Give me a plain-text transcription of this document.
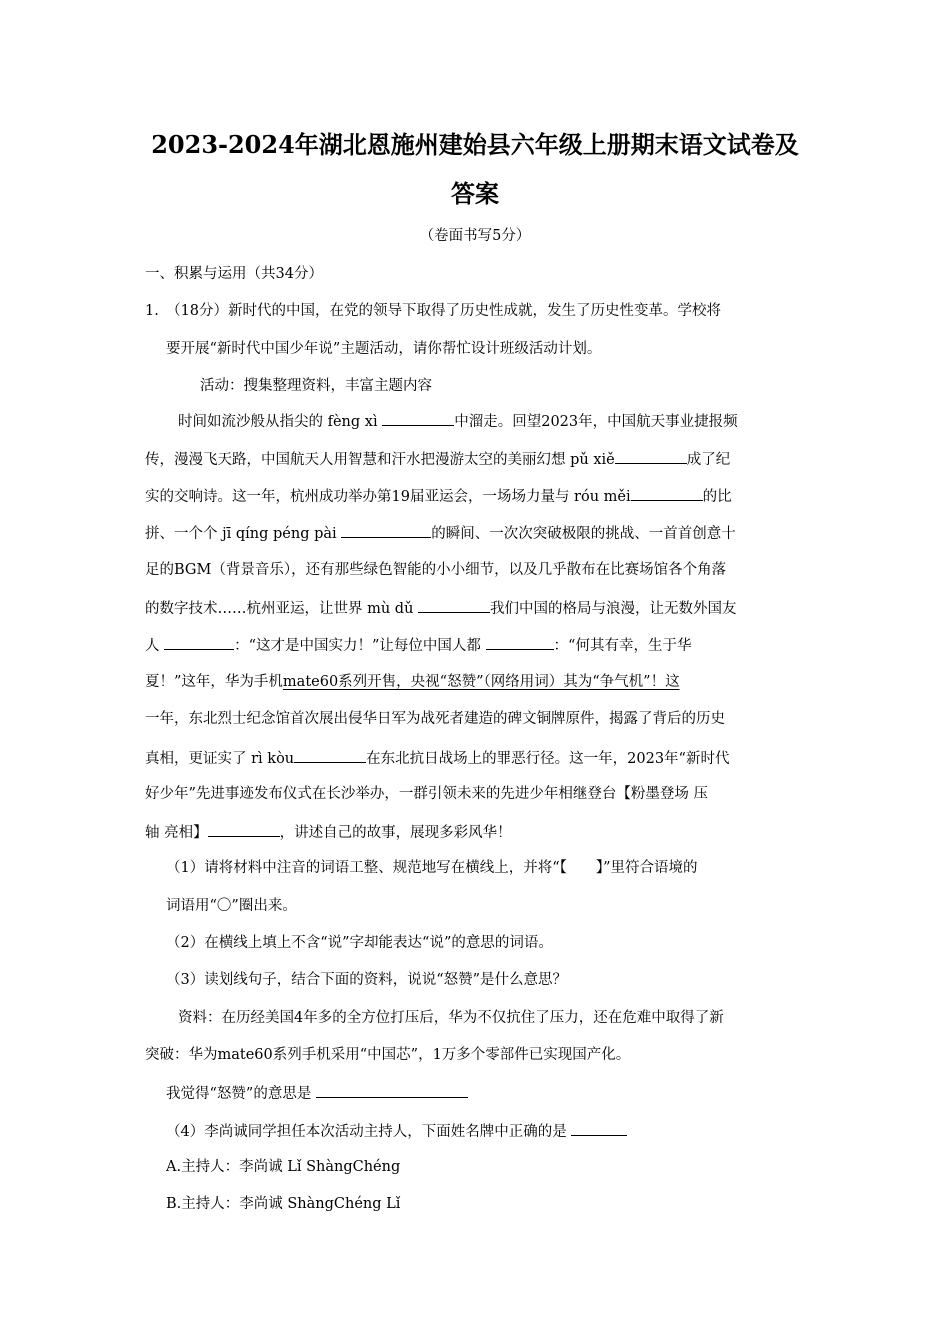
2023-2024年湖北恩施州建始县六年级上册期末语文试卷及
答案
（卷面书写5分）
一、积累与运用（共34分）
1.　（18分）新时代的中国，在党的领导下取得了历史性成就，发生了历史性变革。学校将
要开展“新时代中国少年说”主题活动，请你帮忙设计班级活动计划。
活动：搜集整理资料，丰富主题内容
时间如流沙般从指尖的 fèng xì	中溜走。回望2023年，中国航天事业捷报频
传，漫漫飞天路，中国航天人用智慧和汗水把漫游太空的美丽幻想 pǔ xiě	成了纪
实的交响诗。这一年，杭州成功举办第19届亚运会，一场场力量与 róu měi	的比
拼、一个个 jī qíng péng pài	的瞬间、一次次突破极限的挑战、一首首创意十
足的BGM（背景音乐），还有那些绿色智能的小小细节，以及几乎散布在比赛场馆各个角落
的数字技术……杭州亚运，让世界 mù dǔ	我们中国的格局与浪漫，让无数外国友
人	：“这才是中国实力！”让每位中国人都	：“何其有幸，生于华
夏！”这年，华为手机mate60系列开售，央视“怒赞”（网络用词）其为“争气机”！这
一年，东北烈士纪念馆首次展出侵华日军为战死者建造的碑文铜牌原件，揭露了背后的历史
真相，更证实了 rì kòu	在东北抗日战场上的罪恶行径。这一年，2023年“新时代
好少年”先进事迹发布仪式在长沙举办，一群引领未来的先进少年相继登台【粉墨登场 压
轴 亮相】	，讲述自己的故事，展现多彩风华！
（1）请将材料中注音的词语工整、规范地写在横线上，并将“【　　】”里符合语境的
词语用“〇”圈出来。
（2）在横线上填上不含“说”字却能表达“说”的意思的词语。
（3）读划线句子，结合下面的资料，说说“怒赞”是什么意思？
资料：在历经美国4年多的全方位打压后，华为不仅抗住了压力，还在危难中取得了新
突破：华为mate60系列手机采用“中国芯”，1万多个零部件已实现国产化。
我觉得“怒赞”的意思是
（4）李尚诚同学担任本次活动主持人，下面姓名牌中正确的是
A.主持人：李尚诚 Lǐ ShàngChéng
B.主持人：李尚诚 ShàngChéng Lǐ
